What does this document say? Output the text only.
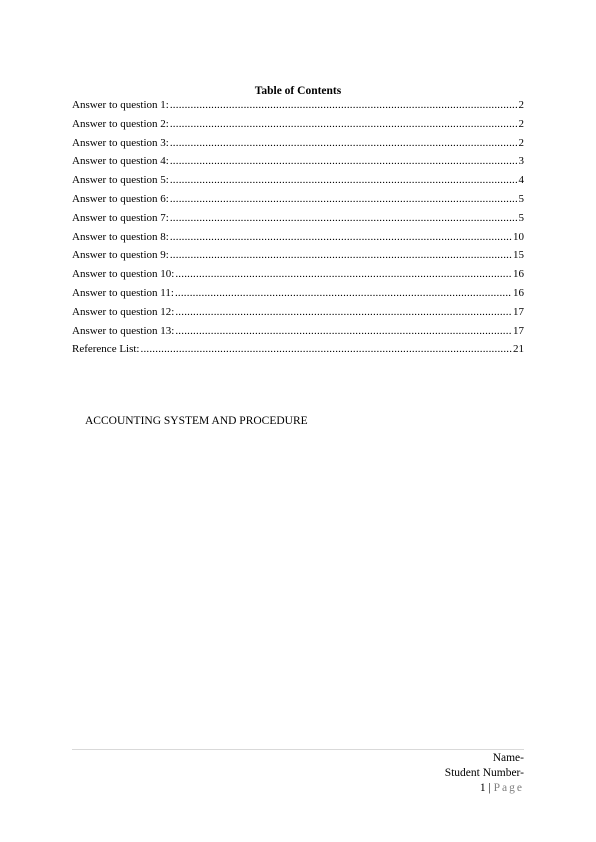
Table of Contents
Answer to question 1: .....	2
Answer to question 2: .....	2
Answer to question 3: .....	2
Answer to question 4: .....	3
Answer to question 5: .....	4
Answer to question 6: .....	5
Answer to question 7: .....	5
Answer to question 8: .....	10
Answer to question 9: .....	15
Answer to question 10: .....	16
Answer to question 11: .....	16
Answer to question 12: .....	17
Answer to question 13: .....	17
Reference List: .....	21
ACCOUNTING SYSTEM AND PROCEDURE
Name-
Student Number-
1 | Page
